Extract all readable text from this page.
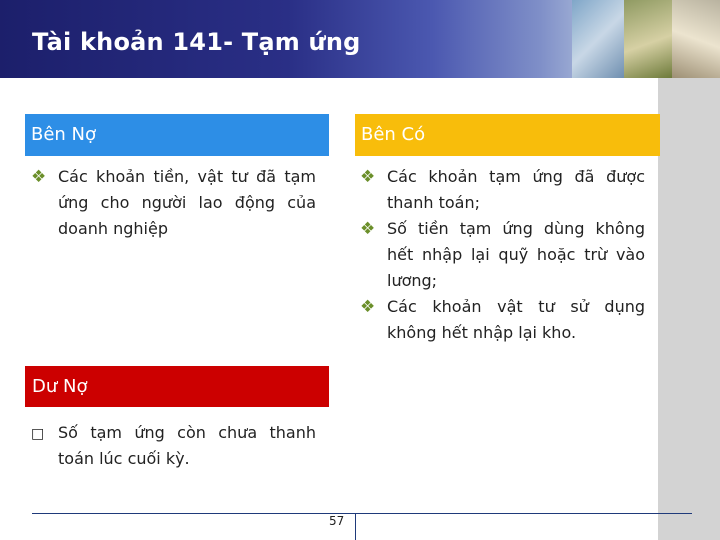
Tài khoản 141- Tạm ứng
Bên Nợ	Bên Có
❖ Các khoản tiền, vật tư đã tạm ứng cho người lao động của doanh nghiệp
❖ Các khoản tạm ứng đã được thanh toán;
❖ Số tiền tạm ứng dùng không hết nhập lại quỹ hoặc trừ vào lương;
❖ Các khoản vật tư sử dụng không hết nhập lại kho.
Dư Nợ
□ Số tạm ứng còn chưa thanh toán lúc cuối kỳ.
57
